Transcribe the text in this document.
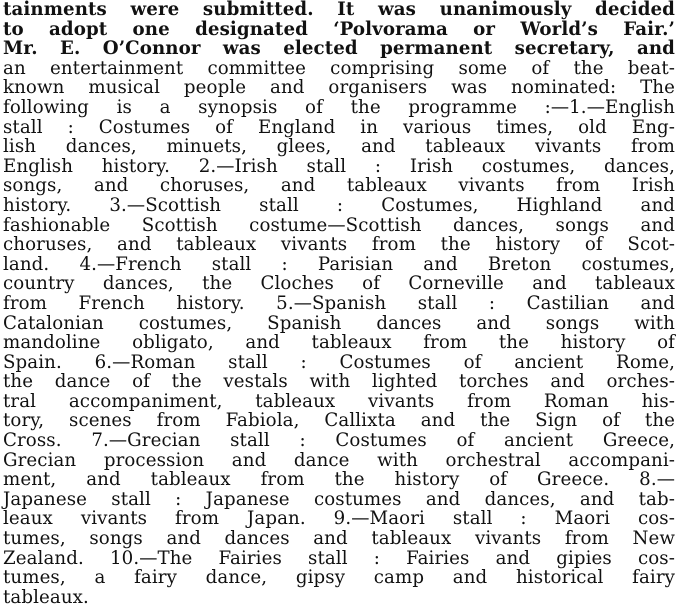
tainments were submitted. It was unanimously decided
to adopt one designated ‘Polvorama or World’s Fair.’
Mr. E. O’Connor was elected permanent secretary, and
an entertainment committee comprising some of the beat-
known musical people and organisers was nominated: The
following is a synopsis of the programme :—1.—English
stall : Costumes of England in various times, old Eng-
lish dances, minuets, glees, and tableaux vivants from
English history. 2.—Irish stall : Irish costumes, dances,
songs, and choruses, and tableaux vivants from Irish
history. 3.—Scottish stall : Costumes, Highland and
fashionable Scottish costume—Scottish dances, songs and
choruses, and tableaux vivants from the history of Scot-
land. 4.—French stall : Parisian and Breton costumes,
country dances, the Cloches of Corneville and tableaux
from French history. 5.—Spanish stall : Castilian and
Catalonian costumes, Spanish dances and songs with
mandoline obligato, and tableaux from the history of
Spain. 6.—Roman stall : Costumes of ancient Rome,
the dance of the vestals with lighted torches and orches-
tral accompaniment, tableaux vivants from Roman his-
tory, scenes from Fabiola, Callixta and the Sign of the
Cross. 7.—Grecian stall : Costumes of ancient Greece,
Grecian procession and dance with orchestral accompani-
ment, and tableaux from the history of Greece. 8.—
Japanese stall : Japanese costumes and dances, and tab-
leaux vivants from Japan. 9.—Maori stall : Maori cos-
tumes, songs and dances and tableaux vivants from New
Zealand. 10.—The Fairies stall : Fairies and gipies cos-
tumes, a fairy dance, gipsy camp and historical fairy
tableaux.
